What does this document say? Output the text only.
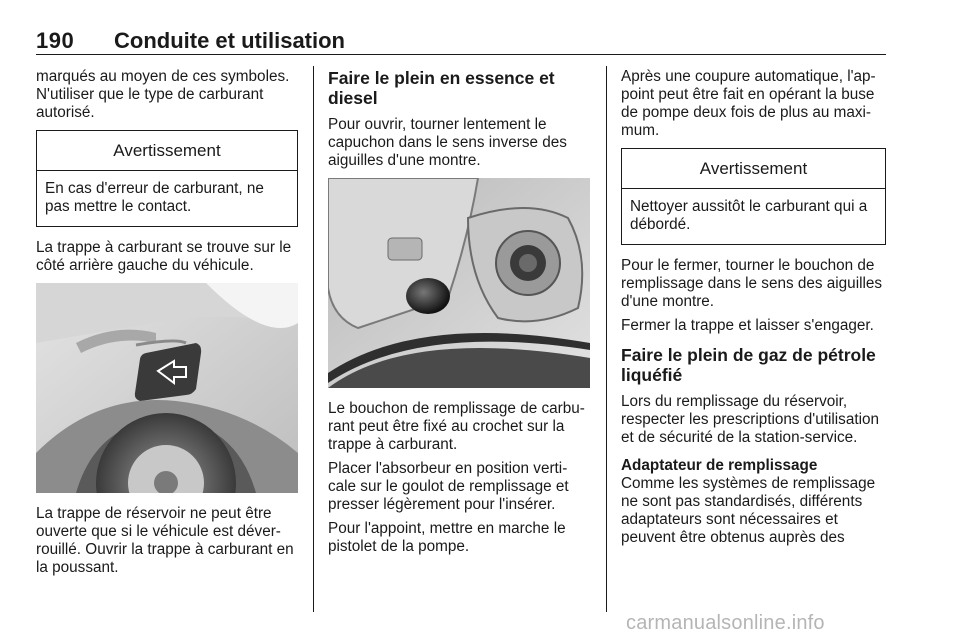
190 Conduite et utilisation

marqués au moyen de ces symboles. N'utiliser que le type de carburant autorisé.

Avertissement
En cas d'erreur de carburant, ne pas mettre le contact.

La trappe à carburant se trouve sur le côté arrière gauche du véhicule.

La trappe de réservoir ne peut être ouverte que si le véhicule est déverrouillé. Ouvrir la trappe à carburant en la poussant.

Faire le plein en essence et diesel

Pour ouvrir, tourner lentement le capuchon dans le sens inverse des aiguilles d'une montre.

Le bouchon de remplissage de carburant peut être fixé au crochet sur la trappe à carburant.

Placer l'absorbeur en position verticale sur le goulot de remplissage et presser légèrement pour l'insérer.

Pour l'appoint, mettre en marche le pistolet de la pompe.

Après une coupure automatique, l'appoint peut être fait en opérant la buse de pompe deux fois de plus au maximum.

Avertissement
Nettoyer aussitôt le carburant qui a débordé.

Pour le fermer, tourner le bouchon de remplissage dans le sens des aiguilles d'une montre.

Fermer la trappe et laisser s'engager.

Faire le plein de gaz de pétrole liquéfié

Lors du remplissage du réservoir, respecter les prescriptions d'utilisation et de sécurité de la station-service.

Adaptateur de remplissage

Comme les systèmes de remplissage ne sont pas standardisés, différents adaptateurs sont nécessaires et peuvent être obtenus auprès des

carmanualsonline.info
